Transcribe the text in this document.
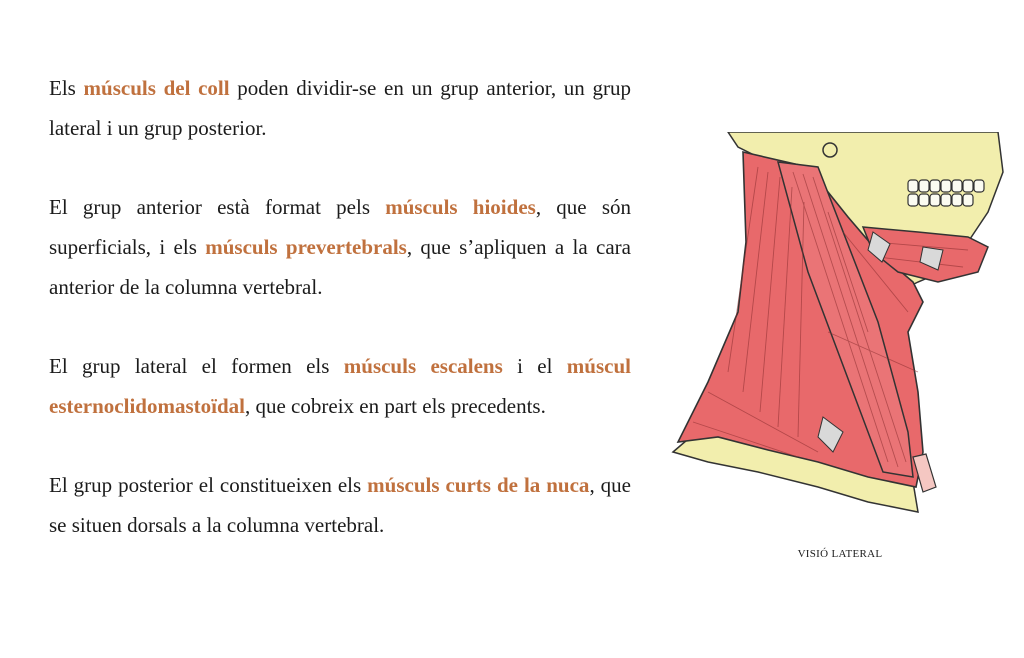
Els músculs del coll poden dividir-se en un grup anterior, un grup lateral i un grup posterior.

El grup anterior està format pels músculs hioides, que són superficials, i els músculs prevertebrals, que s’apliquen a la cara anterior de la columna vertebral.

El grup lateral el formen els músculs escalens i el múscul esternoclidomastoïdal, que cobreix en part els precedents.

El grup posterior el constitueixen els músculs curts de la nuca, que se situen dorsals a la columna vertebral.

VISIÓ LATERAL
